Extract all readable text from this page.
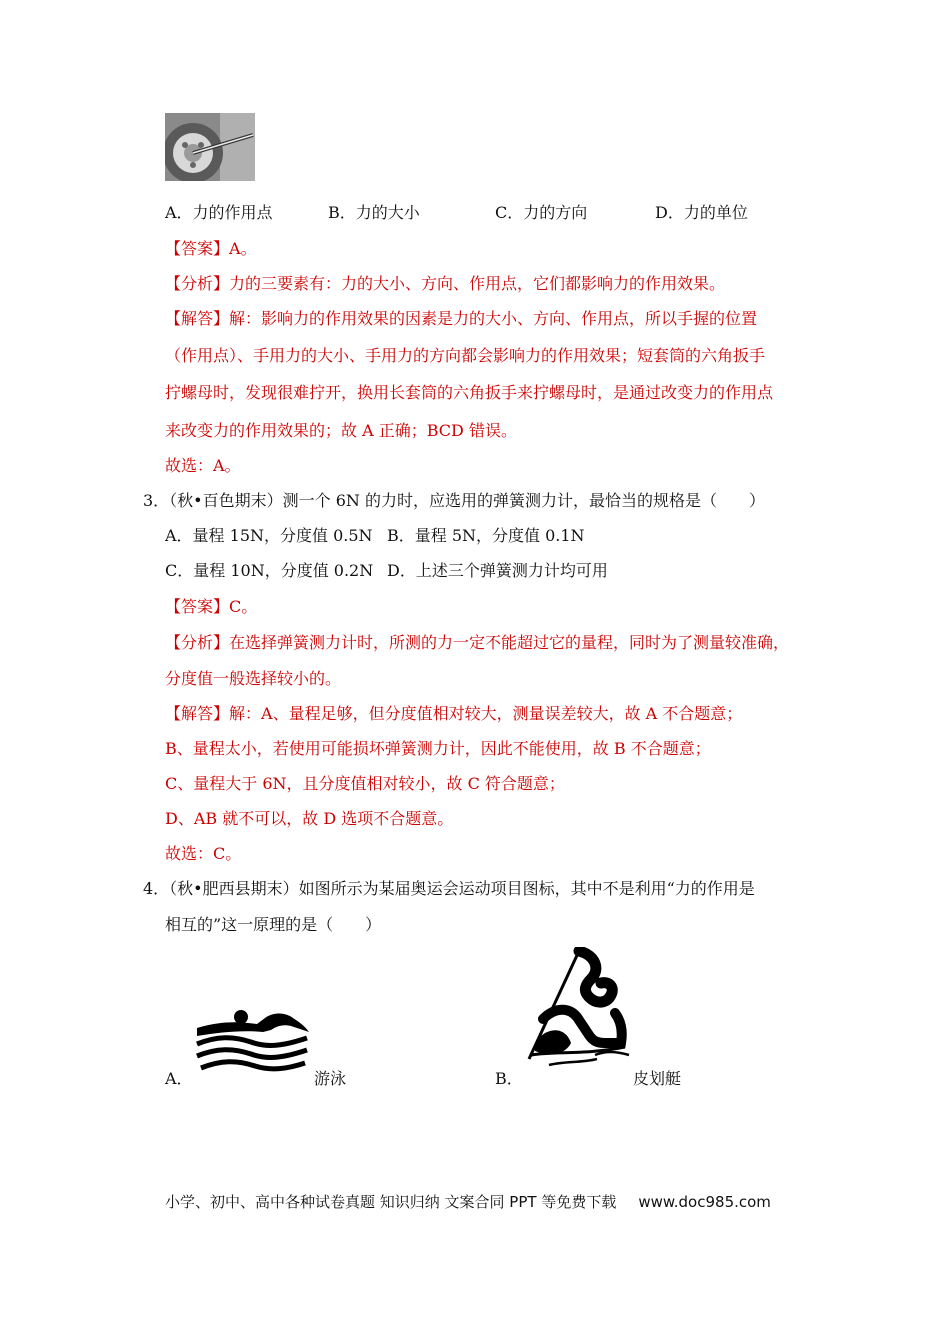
A．力的作用点	B．力的大小	C．力的方向	D．力的单位
【答案】A。
【分析】力的三要素有：力的大小、方向、作用点，它们都影响力的作用效果。
【解答】解：影响力的作用效果的因素是力的大小、方向、作用点，所以手握的位置
（作用点）、手用力的大小、手用力的方向都会影响力的作用效果；短套筒的六角扳手
拧螺母时，发现很难拧开，换用长套筒的六角扳手来拧螺母时，是通过改变力的作用点
来改变力的作用效果的；故 A 正确；BCD 错误。
故选：A。
3．（秋•百色期末）测一个 6N 的力时，应选用的弹簧测力计，最恰当的规格是（　　）
A．量程 15N，分度值 0.5N B．量程 5N，分度值 0.1N
C．量程 10N，分度值 0.2N D．上述三个弹簧测力计均可用
【答案】C。
【分析】在选择弹簧测力计时，所测的力一定不能超过它的量程，同时为了测量较准确，
分度值一般选择较小的。
【解答】解：A、量程足够，但分度值相对较大，测量误差较大，故 A 不合题意；
B、量程太小，若使用可能损坏弹簧测力计，因此不能使用，故 B 不合题意；
C、量程大于 6N，且分度值相对较小，故 C 符合题意；
D、AB 就不可以，故 D 选项不合题意。
故选：C。
4．（秋•肥西县期末）如图所示为某届奥运会运动项目图标，其中不是利用“力的作用是
相互的”这一原理的是（　　）
A．	游泳	B．	皮划艇
小学、初中、高中各种试卷真题 知识归纳 文案合同 PPT 等免费下载 www.doc985.com
